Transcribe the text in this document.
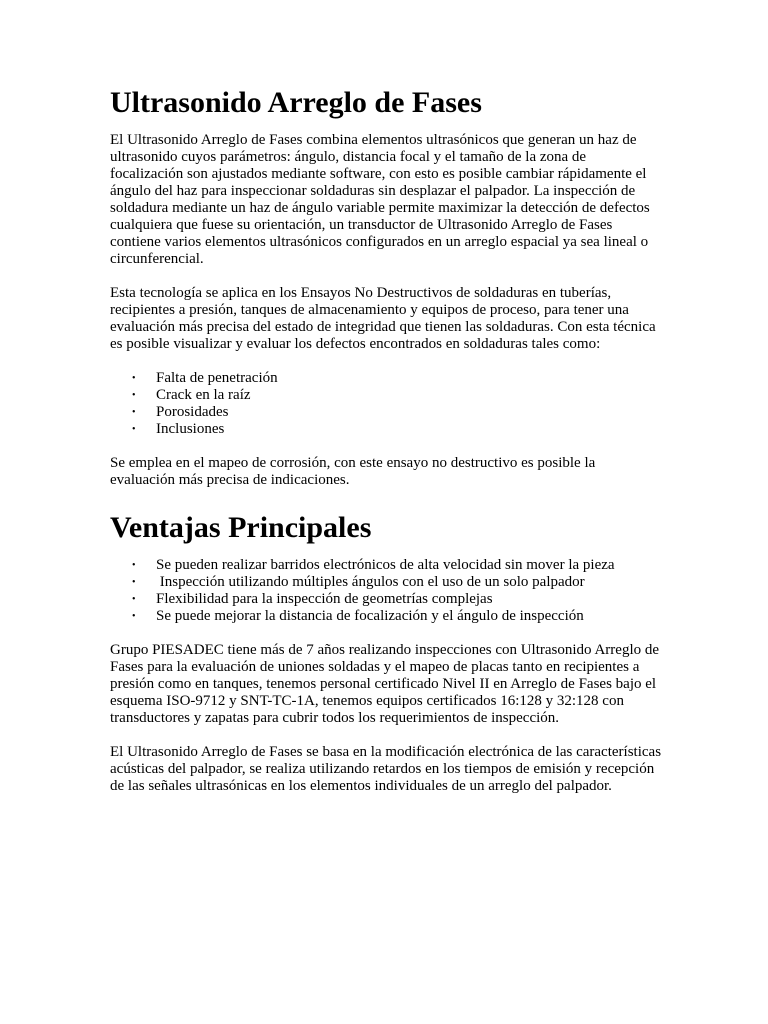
Ultrasonido Arreglo de Fases

El Ultrasonido Arreglo de Fases combina elementos ultrasónicos que generan un haz de ultrasonido cuyos parámetros: ángulo, distancia focal y el tamaño de la zona de focalización son ajustados mediante software, con esto es posible cambiar rápidamente el ángulo del haz para inspeccionar soldaduras sin desplazar el palpador. La inspección de soldadura mediante un haz de ángulo variable permite maximizar la detección de defectos cualquiera que fuese su orientación, un transductor de Ultrasonido Arreglo de Fases contiene varios elementos ultrasónicos configurados en un arreglo espacial ya sea lineal o circunferencial.

Esta tecnología se aplica en los Ensayos No Destructivos de soldaduras en tuberías, recipientes a presión, tanques de almacenamiento y equipos de proceso, para tener una evaluación más precisa del estado de integridad que tienen las soldaduras. Con esta técnica es posible visualizar y evaluar los defectos encontrados en soldaduras tales como:

• Falta de penetración
• Crack en la raíz
• Porosidades
• Inclusiones

Se emplea en el mapeo de corrosión, con este ensayo no destructivo es posible la evaluación más precisa de indicaciones.

Ventajas Principales
• Se pueden realizar barridos electrónicos de alta velocidad sin mover la pieza
• Inspección utilizando múltiples ángulos con el uso de un solo palpador
• Flexibilidad para la inspección de geometrías complejas
• Se puede mejorar la distancia de focalización y el ángulo de inspección

Grupo PIESADEC tiene más de 7 años realizando inspecciones con Ultrasonido Arreglo de Fases para la evaluación de uniones soldadas y el mapeo de placas tanto en recipientes a presión como en tanques, tenemos personal certificado Nivel II en Arreglo de Fases bajo el esquema ISO-9712 y SNT-TC-1A, tenemos equipos certificados 16:128 y 32:128 con transductores y zapatas para cubrir todos los requerimientos de inspección.

El Ultrasonido Arreglo de Fases se basa en la modificación electrónica de las características acústicas del palpador, se realiza utilizando retardos en los tiempos de emisión y recepción de las señales ultrasónicas en los elementos individuales de un arreglo del palpador.
